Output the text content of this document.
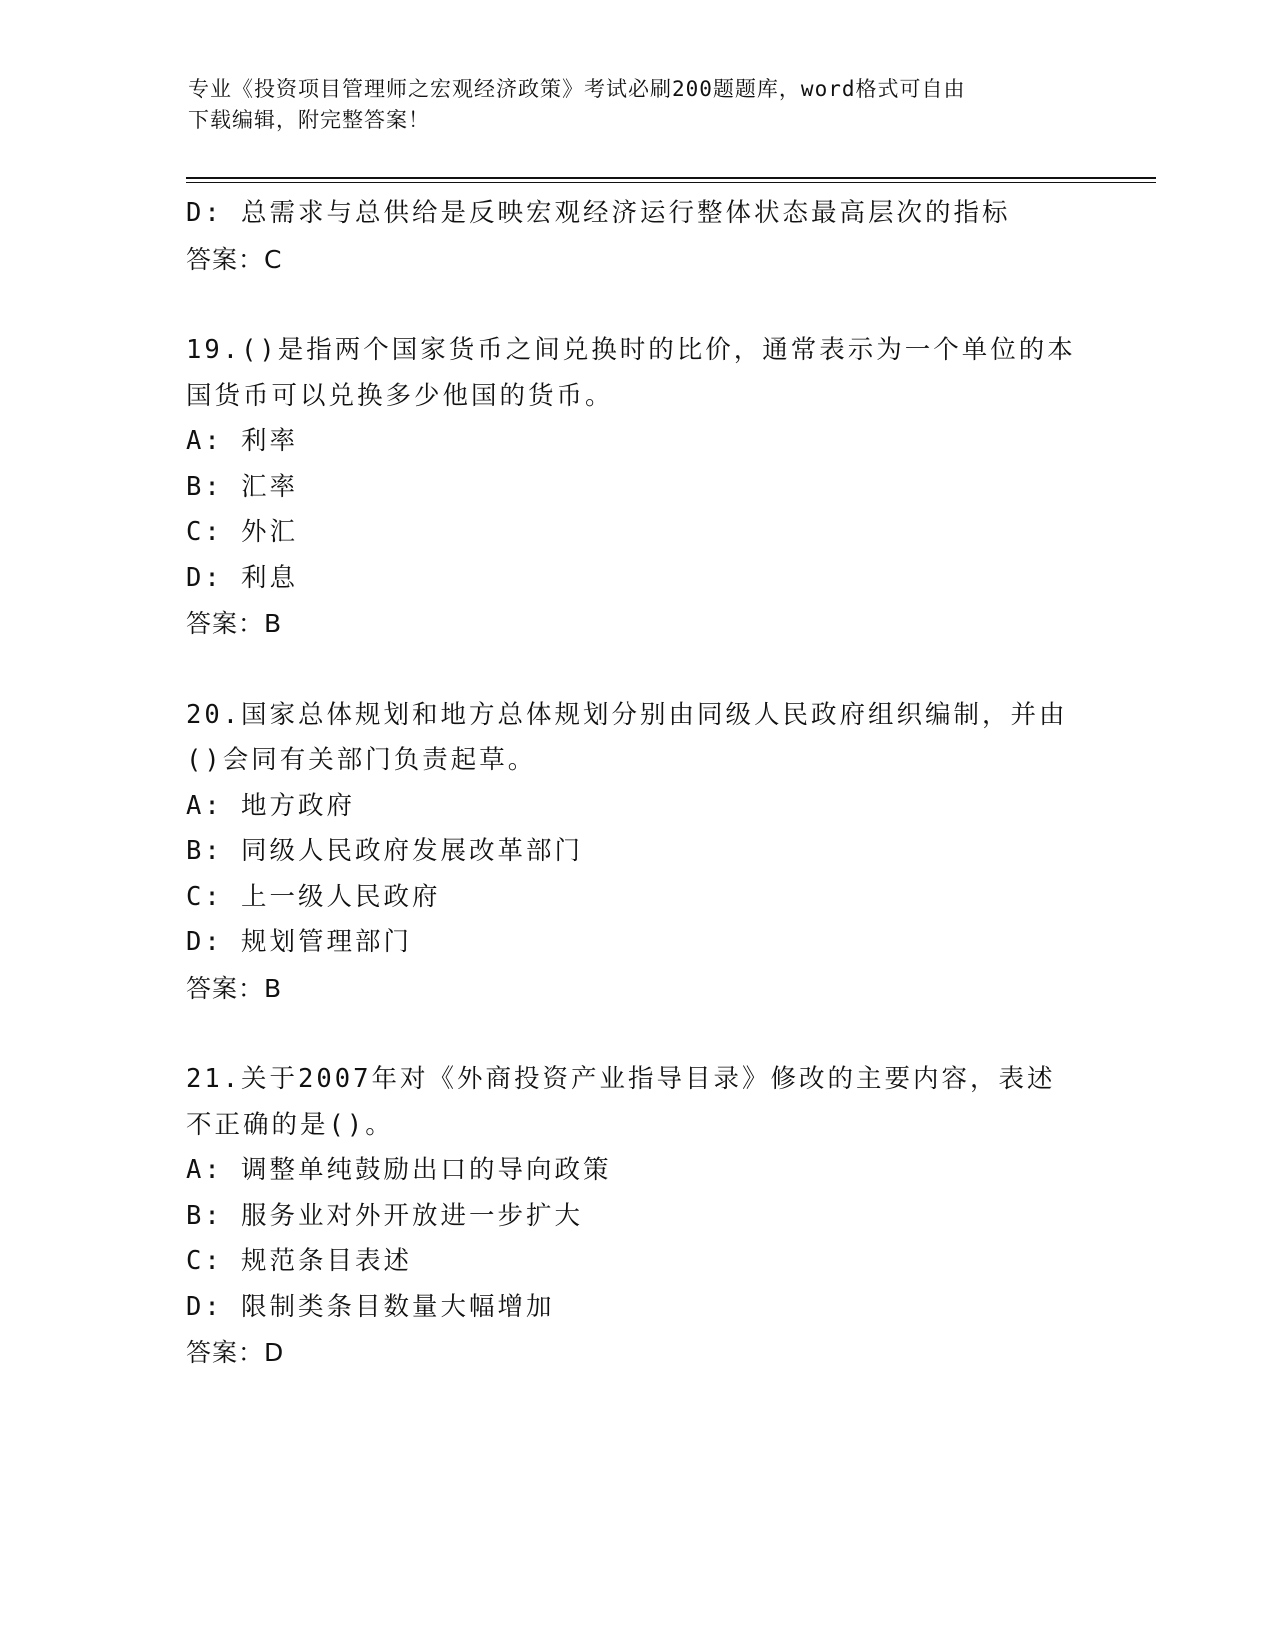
专业《投资项目管理师之宏观经济政策》考试必刷200题题库，word格式可自由
下载编辑，附完整答案！
D: 总需求与总供给是反映宏观经济运行整体状态最高层次的指标
答案：C
19.()是指两个国家货币之间兑换时的比价，通常表示为一个单位的本
国货币可以兑换多少他国的货币。
A: 利率
B: 汇率
C: 外汇
D: 利息
答案：B
20.国家总体规划和地方总体规划分别由同级人民政府组织编制，并由
()会同有关部门负责起草。
A: 地方政府
B: 同级人民政府发展改革部门
C: 上一级人民政府
D: 规划管理部门
答案：B
21.关于2007年对《外商投资产业指导目录》修改的主要内容，表述
不正确的是()。
A: 调整单纯鼓励出口的导向政策
B: 服务业对外开放进一步扩大
C: 规范条目表述
D: 限制类条目数量大幅增加
答案：D
